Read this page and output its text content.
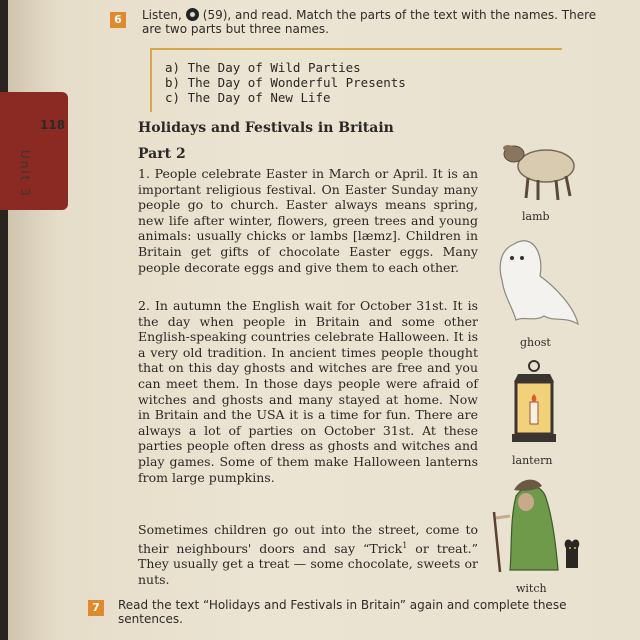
118
Unit 3
6	Listen, (59), and read. Match the parts of the text with the names. There
are two parts but three names.
a) The Day of Wild Parties
b) The Day of Wonderful Presents
c) The Day of New Life
Holidays and Festivals in Britain
Part 2

1. People celebrate Easter in March or April. It is an important religious festival. On Easter Sunday many people go to church. Easter always means spring, new life after winter, flowers, green trees and young animals: usually chicks or lambs [læmz]. Children in Britain get gifts of chocolate Easter eggs. Many people decorate eggs and give them to each other.

2. In autumn the English wait for October 31st. It is the day when people in Britain and some other English-speaking countries celebrate Halloween. It is a very old tradition. In ancient times people thought that on this day ghosts and witches are free and you can meet them. In those days people were afraid of witches and ghosts and many stayed at home. Now in Britain and the USA it is a time for fun. There are always a lot of parties on October 31st. At these parties people often dress as ghosts and witches and play games. Some of them make Halloween lanterns from large pumpkins.

Sometimes children go out into the street, come to their neighbours' doors and say “Trick$^1$ or treat.” They usually get a treat — some chocolate, sweets or nuts.

lamb
ghost
lantern
witch
7	Read the text “Holidays and Festivals in Britain” again and complete these
sentences.
